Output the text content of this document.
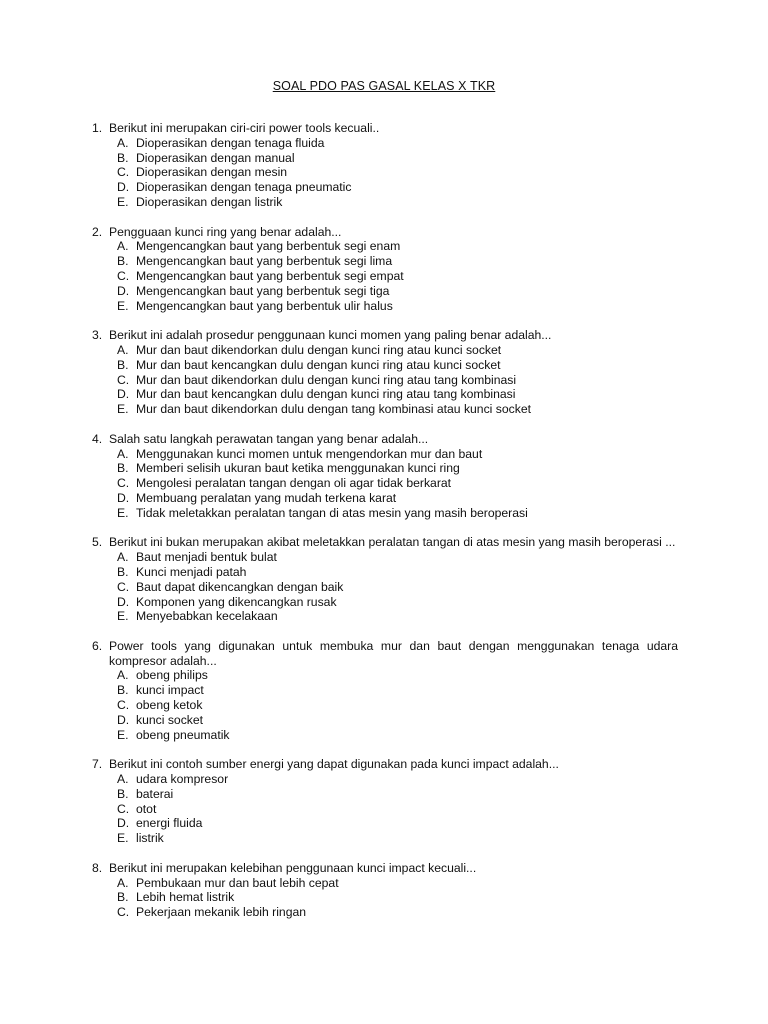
SOAL PDO PAS GASAL KELAS X TKR
1. Berikut ini merupakan ciri-ciri power tools kecuali..
A. Dioperasikan dengan tenaga fluida
B. Dioperasikan dengan manual
C. Dioperasikan dengan mesin
D. Dioperasikan dengan tenaga pneumatic
E. Dioperasikan dengan listrik
2. Pengguaan kunci ring yang benar adalah...
A. Mengencangkan baut yang berbentuk segi enam
B. Mengencangkan baut yang berbentuk segi lima
C. Mengencangkan baut yang berbentuk segi empat
D. Mengencangkan baut yang berbentuk segi tiga
E. Mengencangkan baut yang berbentuk ulir halus
3. Berikut ini adalah prosedur penggunaan kunci momen yang paling benar adalah...
A. Mur dan baut dikendorkan dulu dengan kunci ring atau kunci socket
B. Mur dan baut kencangkan dulu dengan kunci ring atau kunci socket
C. Mur dan baut dikendorkan dulu dengan kunci ring atau tang kombinasi
D. Mur dan baut kencangkan dulu dengan kunci ring atau tang kombinasi
E. Mur dan baut dikendorkan dulu dengan tang kombinasi atau kunci socket
4. Salah satu langkah perawatan tangan yang benar adalah...
A. Menggunakan kunci momen untuk mengendorkan mur dan baut
B. Memberi selisih ukuran baut ketika menggunakan kunci ring
C. Mengolesi peralatan tangan dengan oli agar tidak berkarat
D. Membuang peralatan yang mudah terkena karat
E. Tidak meletakkan peralatan tangan di atas mesin yang masih beroperasi
5. Berikut ini bukan merupakan akibat meletakkan peralatan tangan di atas mesin yang masih beroperasi ...
A. Baut menjadi bentuk bulat
B. Kunci menjadi patah
C. Baut dapat dikencangkan dengan baik
D. Komponen yang dikencangkan rusak
E. Menyebabkan kecelakaan
6. Power tools yang digunakan untuk membuka mur dan baut dengan menggunakan tenaga udara kompresor adalah...
A. obeng philips
B. kunci impact
C. obeng ketok
D. kunci socket
E. obeng pneumatik
7. Berikut ini contoh sumber energi yang dapat digunakan pada kunci impact adalah...
A. udara kompresor
B. baterai
C. otot
D. energi fluida
E. listrik
8. Berikut ini merupakan kelebihan penggunaan kunci impact kecuali...
A. Pembukaan mur dan baut lebih cepat
B. Lebih hemat listrik
C. Pekerjaan mekanik lebih ringan
